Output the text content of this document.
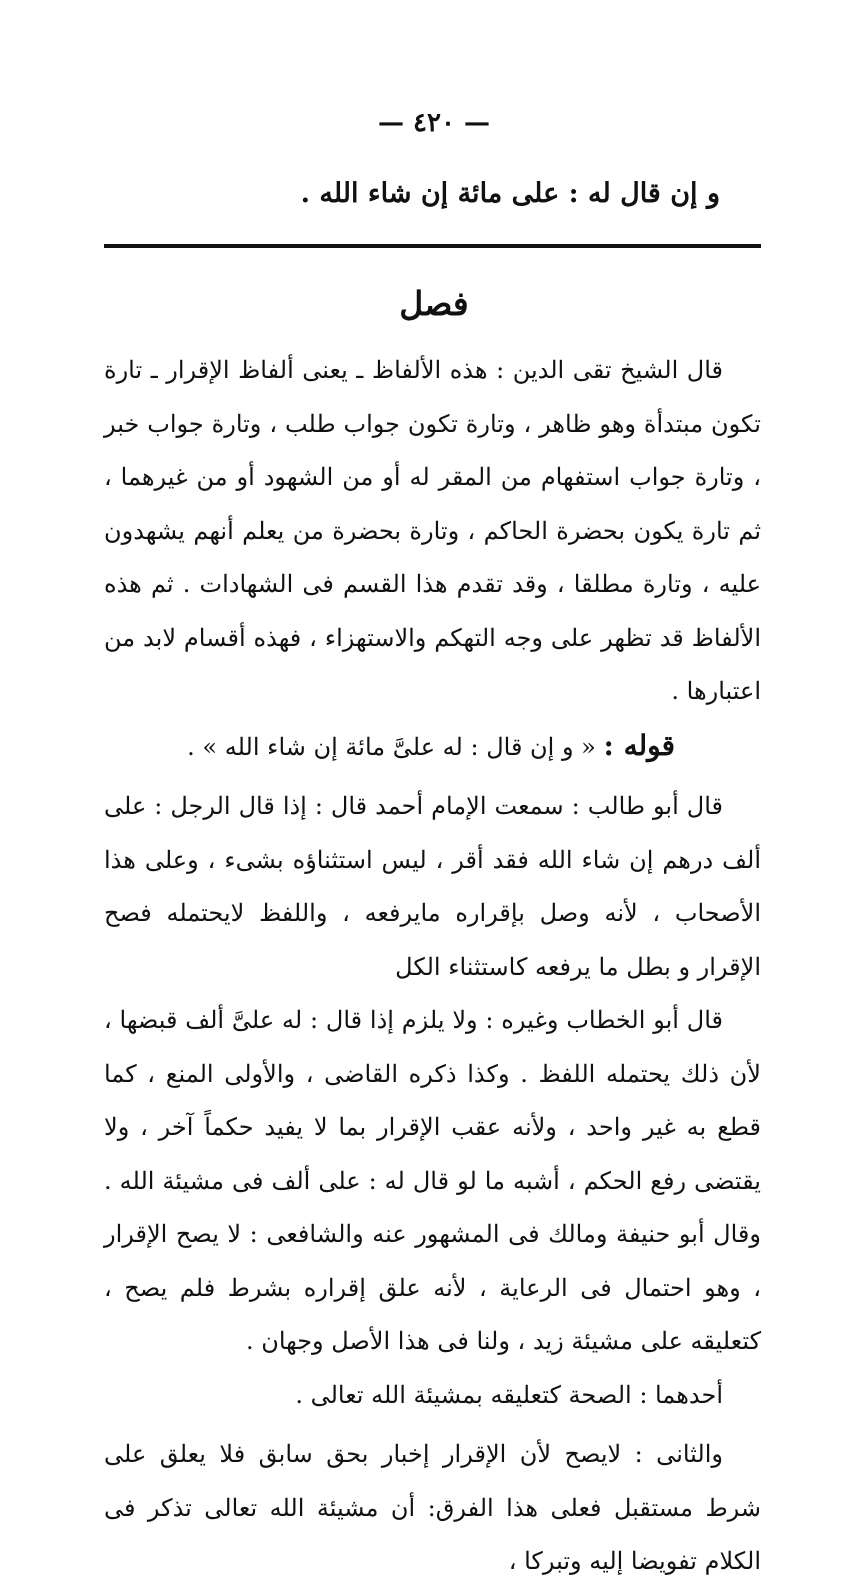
— ٤٢٠ —
و إن قال له : على مائة إن شاء الله .
فصل

قال الشيخ تقى الدين : هذه الألفاظ ـ يعنى ألفاظ الإقرار ـ تارة تكون مبتدأة وهو ظاهر ، وتارة تكون جواب طلب ، وتارة جواب خبر ، وتارة جواب استفهام من المقر له أو من الشهود أو من غيرهما ، ثم تارة يكون بحضرة الحاكم ، وتارة بحضرة من يعلم أنهم يشهدون عليه ، وتارة مطلقا ، وقد تقدم هذا القسم فى الشهادات . ثم هذه الألفاظ قد تظهر على وجه التهكم والاستهزاء ، فهذه أقسام لابد من اعتبارها .

قوله : « و إن قال : له علىَّ مائة إن شاء الله » .

قال أبو طالب : سمعت الإمام أحمد قال : إذا قال الرجل : على ألف درهم إن شاء الله فقد أقر ، ليس استثناؤه بشىء ، وعلى هذا الأصحاب ، لأنه وصل بإقراره مايرفعه ، واللفظ لايحتمله فصح الإقرار و بطل ما يرفعه كاستثناء الكل

قال أبو الخطاب وغيره : ولا يلزم إذا قال : له علىَّ ألف قبضها ، لأن ذلك يحتمله اللفظ . وكذا ذكره القاضى ، والأولى المنع ، كما قطع به غير واحد ، ولأنه عقب الإقرار بما لا يفيد حكماً آخر ، ولا يقتضى رفع الحكم ، أشبه ما لو قال له : على ألف فى مشيئة الله . وقال أبو حنيفة ومالك فى المشهور عنه والشافعى : لا يصح الإقرار ، وهو احتمال فى الرعاية ، لأنه علق إقراره بشرط فلم يصح ، كتعليقه على مشيئة زيد ، ولنا فى هذا الأصل وجهان .

أحدهما : الصحة كتعليقه بمشيئة الله تعالى .

والثانى : لايصح لأن الإقرار إخبار بحق سابق فلا يعلق على شرط مستقبل فعلى هذا الفرق: أن مشيئة الله تعالى تذكر فى الكلام تفويضا إليه وتبركا ،
